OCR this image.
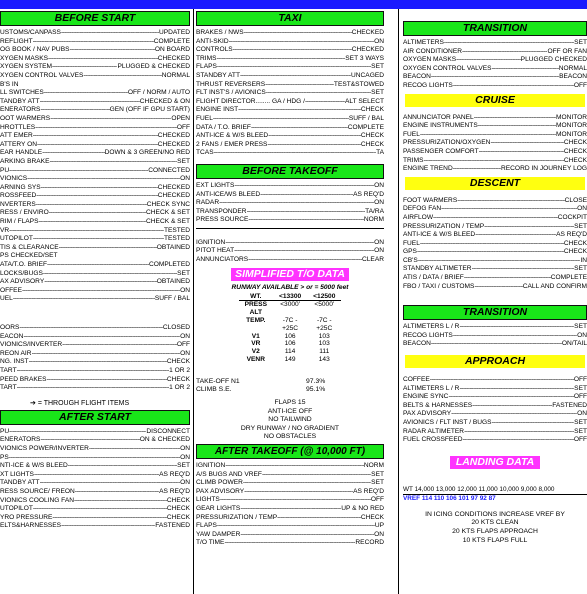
BEFORE START
USTOMS/CANPASS -----	UPDATED
REFLIGHT -----	COMPLETE
OG BOOK / NAV PUBS -----	ON BOARD
XYGEN MASKS -----	CHECKED
XYGEN SYSTEM -----	PLUGGED & CHECKED
XYGEN CONTROL VALVES -----	NORMAL
B'S IN
LL SWITCHES -----	OFF / NORM / AUTO
TANDBY ATT -----	CHECKED & ON
ENERATORS -----	GEN (OFF IF GPU START)
OOT WARMERS -----	OPEN
HROTTLES -----	OFF
ATT EMER -----	CHECKED
ATTERY ON -----	CHECKED
EAR HANDLE -----	DOWN & 3 GREEN/NO RED
ARKING BRAKE -----	SET
PU -----	CONNECTED
VIONICS -----	ON
ARNING SYS -----	CHECKED
ROSSFEED -----	CHECKED
NVERTERS -----	CHECK SYNC
RESS / ENVIRO -----	CHECK & SET
RIM / FLAPS -----	CHECK & SET
VR -----	TESTED
UTOPILOT -----	TESTED
TIS & CLEARANCE -----	OBTAINED
PS CHECKED/SET
ATA/T.O. BRIEF -----	COMPLETED
LOCKS/BUGS -----	SET
AX ADVISORY -----	OBTAINED
OFFEE -----	ON
UEL -----	SUFF / BAL
OORS -----	CLOSED
EACON -----	ON
VIONICS/INVERTER -----	OFF
REON AIR -----	ON
NG. INST -----	CHECK
TART -----	1 OR 2
PEED BRAKES -----	CHECK
TART -----	1 OR 2
➔ = THROUGH FLIGHT ITEMS
AFTER START
PU -----	DISCONNECT
ENERATORS -----	ON & CHECKED
VIONICS POWER/INVERTER -----	ON
PS -----	ON
NTI-ICE & W/S BLEED -----	SET
XT LIGHTS -----	AS REQ'D
TANDBY ATT -----	ON
RESS SOURCE/ FREON -----	AS REQ'D
VIONICS COOLING FAN -----	CHECK
UTOPILOT -----	CHECK
YRO PRESSURE -----	CHECK
ELTS&HARNESSES -----	FASTENED
TAXI
BRAKES / NWS -----	CHECKED
ANTI-SKID -----	ON
CONTROLS -----	CHECKED
TRIMS -----	SET 3 WAYS
FLAPS -----	SET
STANDBY ATT -----	UNCAGED
THRUST REVERSERS -----	TEST&STOWED
FLT INST'S / AVIONICS -----	SET
FLIGHT DIRECTOR........ GA / HDG / -----	ALT SELECT
ENGINE INST -----	CHECK
FUEL -----	SUFF / BAL
DATA / T.O. BRIEF -----	COMPLETE
ANTI-ICE & W/S BLEED -----	CHECK
2 FANS / EMER PRESS -----	CHECK
TCAS -----	TA
BEFORE TAKEOFF
EXT LIGHTS -----	ON
ANTI-ICE/WS BLEED -----	AS REQ'D
RADAR -----	ON
TRANSPONDER -----	TA/RA
PRESS SOURCE -----	NORM
IGNITION -----	ON
PITOT HEAT -----	ON
ANNUNCIATORS -----	CLEAR
SIMPLIFIED T/O DATA
RUNWAY AVAILABLE > or = 5000 feet
WT.	<13300	<12500
PRESS	<3000'	<5000'
ALT		
TEMP.	-7C -	-7C -
	+25C	+25C
V1	106	103
VR	106	103
V2	114	111
VENR	149	143
TAKE-OFF N1	97.3%
CLIMB S.E.	95.1%
FLAPS 15
ANTI-ICE OFF
NO TAILWIND
DRY RUNWAY / NO GRADIENT
NO OBSTACLES
AFTER TAKEOFF (@ 10,000 FT)
IGNITION -----	NORM
A/S BUGS AND VREF -----	SET
CLIMB POWER -----	SET
PAX ADVISORY -----	AS REQ'D
LIGHTS -----	OFF
GEAR LIGHTS -----	UP & NO RED
PRESSURIZATION / TEMP -----	CHECK
FLAPS -----	UP
YAW DAMPER -----	ON
T/O TIME -----	RECORD
TRANSITION
ALTIMETERS -----	SET
AIR CONDITIONER -----	OFF OR FAN
OXYGEN MASKS -----	PLUGGED CHECKED
OXYGEN CONTROL VALVES -----	NORMAL
BEACON -----	BEACON
RECOG LIGHTS -----	OFF
CRUISE
ANNUNCIATOR PANEL -----	MONITOR
ENGINE INSTRUMENTS -----	MONITOR
FUEL -----	MONITOR
PRESSURIZATION/OXYGEN -----	CHECK
PASSENGER COMFORT -----	CHECK
TRIMS -----	CHECK
ENGINE TREND -----	RECORD IN JOURNEY LOG
DESCENT
FOOT WARMERS -----	CLOSE
DEFOG FAN -----	ON
AIRFLOW -----	COCKPIT
PRESSURIZATION / TEMP -----	SET
ANTI-ICE & W/S BLEED -----	AS REQ'D
FUEL -----	CHECK
GPS -----	CHECK
CB'S -----	IN
STANDBY ALTIMETER -----	SET
ATIS / DATA / BRIEF -----	COMPLETE
FBO / TAXI / CUSTOMS -----	CALL AND CONFIRM
TRANSITION
ALTIMETERS L / R -----	SET
RECOG LIGHTS -----	ON
BEACON -----	ON/TAIL
APPROACH
COFFEE -----	OFF
ALTIMETERS L / R -----	SET
ENGINE SYNC -----	OFF
BELTS & HARNESSES -----	FASTENED
PAX ADVISORY -----	ON
AVIONICS / FLT INST / BUGS -----	SET
RADAR ALTIMETER -----	SET
FUEL CROSSFEED -----	OFF
LANDING DATA
WT 14,000 13,000 12,000 11,000 10,000 9,000 8,000
VREF 114 110 106 101 97 92 87
IN ICING CONDITIONS INCREASE VREF BY
20 KTS CLEAN
20 KTS FLAPS APPROACH
10 KTS FLAPS FULL
